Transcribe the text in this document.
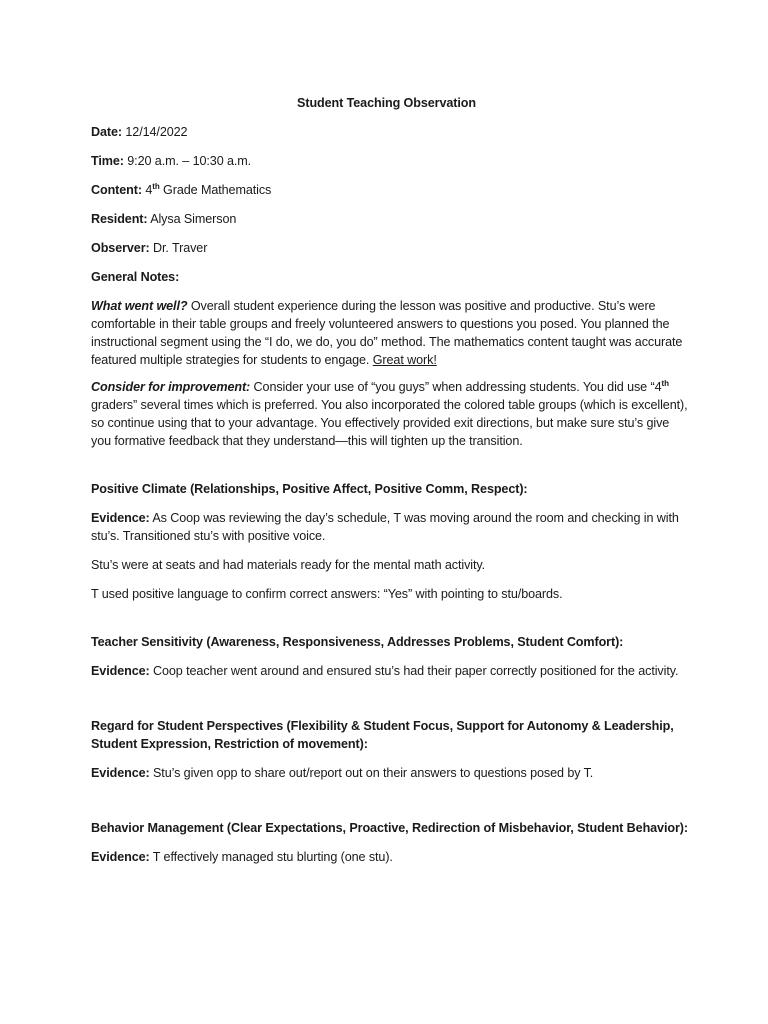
Student Teaching Observation
Date: 12/14/2022
Time: 9:20 a.m. – 10:30 a.m.
Content: 4th Grade Mathematics
Resident: Alysa Simerson
Observer: Dr. Traver
General Notes:

What went well? Overall student experience during the lesson was positive and productive. Stu’s were comfortable in their table groups and freely volunteered answers to questions you posed. You planned the instructional segment using the “I do, we do, you do” method. The mathematics content taught was accurate featured multiple strategies for students to engage. Great work!

Consider for improvement: Consider your use of “you guys” when addressing students. You did use “4th graders” several times which is preferred. You also incorporated the colored table groups (which is excellent), so continue using that to your advantage. You effectively provided exit directions, but make sure stu’s give you formative feedback that they understand—this will tighten up the transition.

Positive Climate (Relationships, Positive Affect, Positive Comm, Respect):
Evidence: As Coop was reviewing the day’s schedule, T was moving around the room and checking in with stu’s. Transitioned stu’s with positive voice.
Stu’s were at seats and had materials ready for the mental math activity.
T used positive language to confirm correct answers: “Yes” with pointing to stu/boards.
Teacher Sensitivity (Awareness, Responsiveness, Addresses Problems, Student Comfort):
Evidence: Coop teacher went around and ensured stu’s had their paper correctly positioned for the activity.
Regard for Student Perspectives (Flexibility & Student Focus, Support for Autonomy & Leadership, Student Expression, Restriction of movement):
Evidence: Stu’s given opp to share out/report out on their answers to questions posed by T.
Behavior Management (Clear Expectations, Proactive, Redirection of Misbehavior, Student Behavior):
Evidence: T effectively managed stu blurting (one stu).
